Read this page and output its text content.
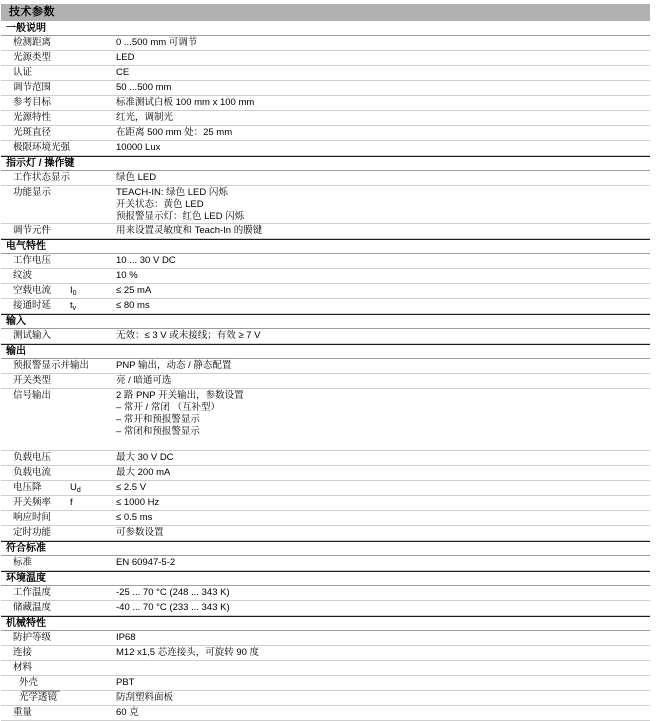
技术参数
一般说明
检测距离	0 ...500 mm 可调节
光源类型	LED
认证	CE
调节范围	50 ...500 mm
参考目标	标准测试白板 100 mm x 100 mm
光源特性	红光，调制光
光斑直径	在距离 500 mm 处：25 mm
极限环境光强	10000 Lux
指示灯 / 操作键
工作状态显示	绿色 LED
功能显示	TEACH-IN: 绿色 LED 闪烁
开关状态：黄色 LED
预报警显示灯：红色 LED 闪烁
调节元件	用来设置灵敏度和 Teach-In 的膜键
电气特性
工作电压	10 ... 30 V DC
纹波	10 %
空载电流	$I_0$	≤ 25 mA
接通时延	$t_v$	≤ 80 ms
输入
测试输入	无效：≤ 3 V 或未接线；有效 ≥ 7 V
输出
预报警显示并输出	PNP 输出，动态 / 静态配置
开关类型	亮 / 暗通可选
信号输出	2 路 PNP 开关输出，参数设置
– 常开 / 常闭 （互补型）
– 常开和预报警显示
– 常闭和预报警显示

负载电压	最大 30 V DC
负载电流	最大 200 mA
电压降	$U_d$	≤ 2.5 V
开关频率	f	≤ 1000 Hz
响应时间	≤ 0.5 ms
定时功能	可参数设置
符合标准
标准	EN 60947-5-2
环境温度
工作温度	-25 ... 70 °C (248 ... 343 K)
储藏温度	-40 ... 70 °C (233 ... 343 K)
机械特性
防护等级	IP68
连接	M12 x1,5 芯连接头，可旋转 90 度
材料

外壳	PBT
光学透镜	防刮塑料面板
重量	60 克
